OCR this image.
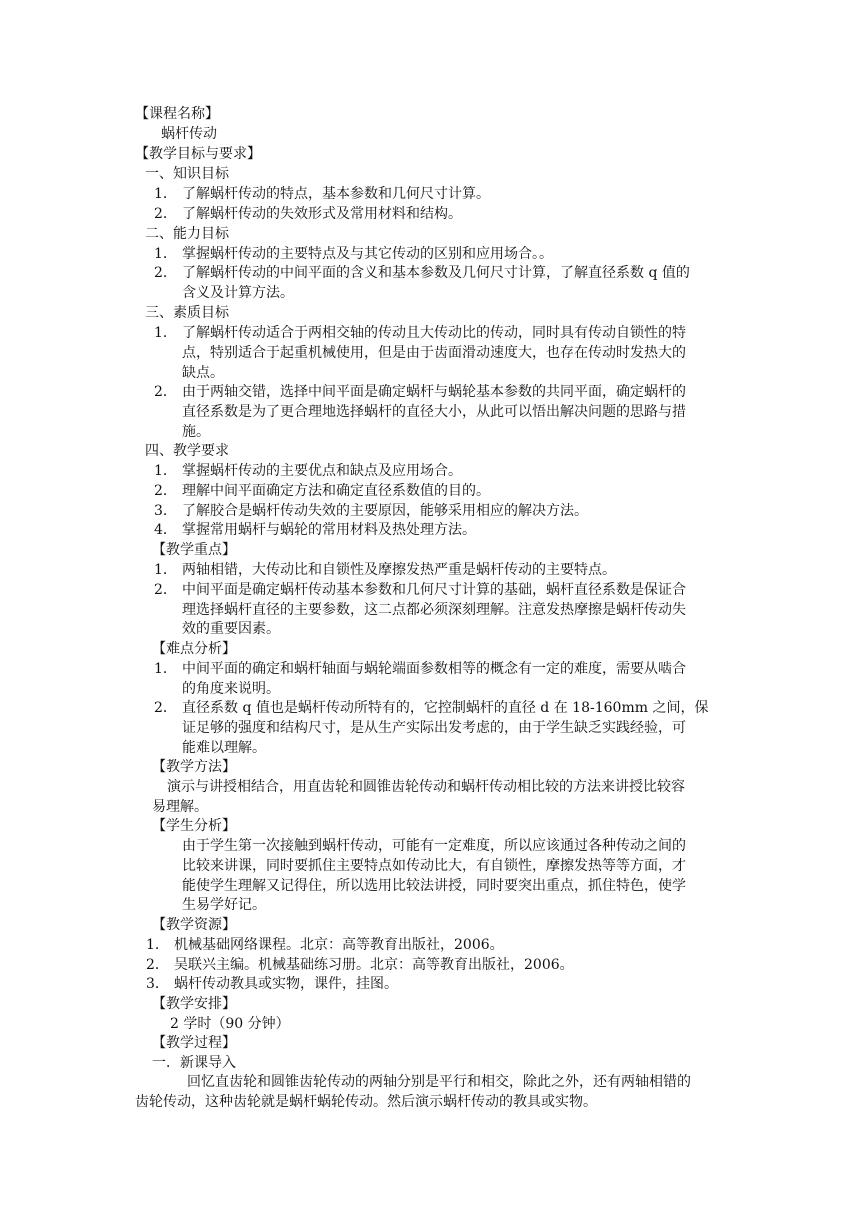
【课程名称】
蜗杆传动
【教学目标与要求】
一、知识目标
1． 了解蜗杆传动的特点，基本参数和几何尺寸计算。
2． 了解蜗杆传动的失效形式及常用材料和结构。
二、能力目标
1． 掌握蜗杆传动的主要特点及与其它传动的区别和应用场合。。
2． 了解蜗杆传动的中间平面的含义和基本参数及几何尺寸计算，了解直径系数 q 值的
含义及计算方法。
三、素质目标
1． 了解蜗杆传动适合于两相交轴的传动且大传动比的传动，同时具有传动自锁性的特
点，特别适合于起重机械使用，但是由于齿面滑动速度大，也存在传动时发热大的
缺点。
2． 由于两轴交错，选择中间平面是确定蜗杆与蜗轮基本参数的共同平面，确定蜗杆的
直径系数是为了更合理地选择蜗杆的直径大小，从此可以悟出解决问题的思路与措
施。
四、教学要求
1． 掌握蜗杆传动的主要优点和缺点及应用场合。
2． 理解中间平面确定方法和确定直径系数值的目的。
3． 了解胶合是蜗杆传动失效的主要原因，能够采用相应的解决方法。
4． 掌握常用蜗杆与蜗轮的常用材料及热处理方法。
【教学重点】
1． 两轴相错，大传动比和自锁性及摩擦发热严重是蜗杆传动的主要特点。
2． 中间平面是确定蜗杆传动基本参数和几何尺寸计算的基础，蜗杆直径系数是保证合
理选择蜗杆直径的主要参数，这二点都必须深刻理解。注意发热摩擦是蜗杆传动失
效的重要因素。
【难点分析】
1． 中间平面的确定和蜗杆轴面与蜗轮端面参数相等的概念有一定的难度，需要从啮合
的角度来说明。
2． 直径系数 q 值也是蜗杆传动所特有的，它控制蜗杆的直径 d 在 18-160mm 之间，保
证足够的强度和结构尺寸，是从生产实际出发考虑的，由于学生缺乏实践经验，可
能难以理解。
【教学方法】
演示与讲授相结合，用直齿轮和圆锥齿轮传动和蜗杆传动相比较的方法来讲授比较容
易理解。
【学生分析】
由于学生第一次接触到蜗杆传动，可能有一定难度，所以应该通过各种传动之间的
比较来讲课，同时要抓住主要特点如传动比大，有自锁性，摩擦发热等等方面，才
能使学生理解又记得住，所以选用比较法讲授，同时要突出重点，抓住特色，使学
生易学好记。
【教学资源】
1． 机械基础网络课程。北京：高等教育出版社，2006。
2． 吴联兴主编。机械基础练习册。北京：高等教育出版社，2006。
3． 蜗杆传动教具或实物，课件，挂图。
【教学安排】
2 学时（90 分钟）
【教学过程】
一．新课导入
回忆直齿轮和圆锥齿轮传动的两轴分别是平行和相交，除此之外，还有两轴相错的
齿轮传动，这种齿轮就是蜗杆蜗轮传动。然后演示蜗杆传动的教具或实物。
